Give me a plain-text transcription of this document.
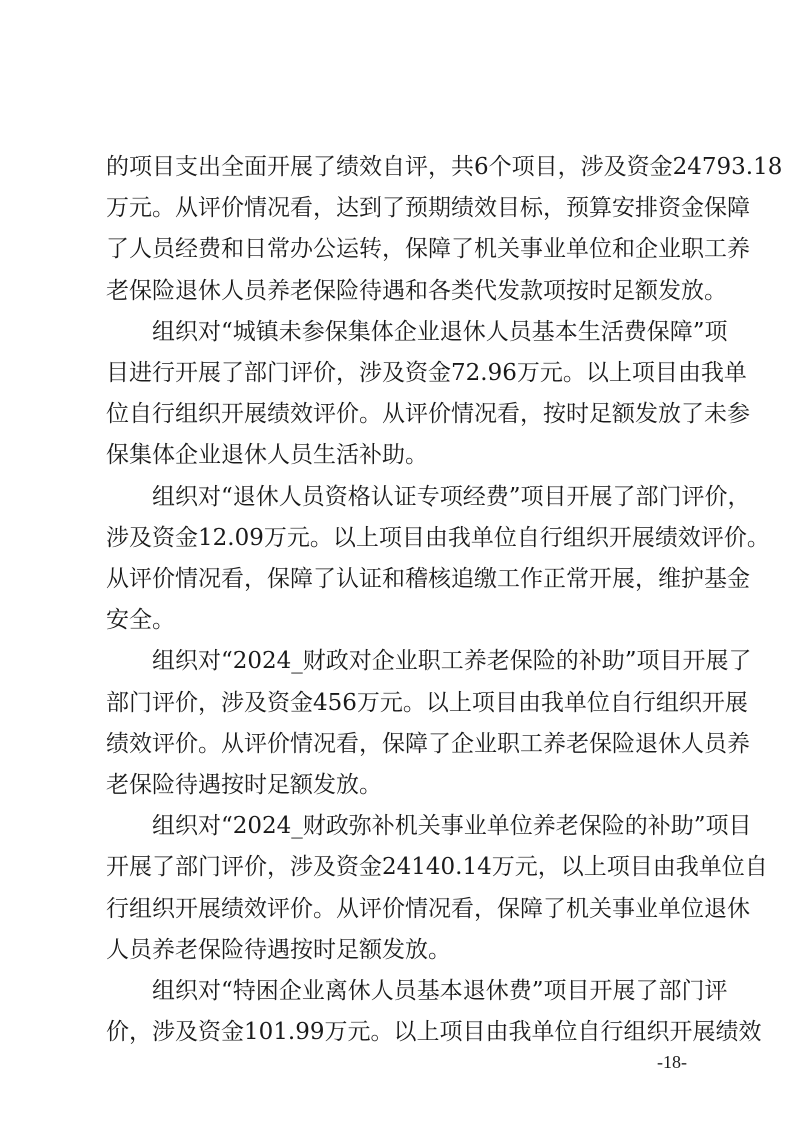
的项目支出全面开展了绩效自评，共6个项目，涉及资金24793.18
万元。从评价情况看，达到了预期绩效目标，预算安排资金保障
了人员经费和日常办公运转，保障了机关事业单位和企业职工养
老保险退休人员养老保险待遇和各类代发款项按时足额发放。
组织对“城镇未参保集体企业退休人员基本生活费保障”项
目进行开展了部门评价，涉及资金72.96万元。以上项目由我单
位自行组织开展绩效评价。从评价情况看，按时足额发放了未参
保集体企业退休人员生活补助。
组织对“退休人员资格认证专项经费”项目开展了部门评价，
涉及资金12.09万元。以上项目由我单位自行组织开展绩效评价。
从评价情况看，保障了认证和稽核追缴工作正常开展，维护基金
安全。
组织对“2024_财政对企业职工养老保险的补助”项目开展了
部门评价，涉及资金456万元。以上项目由我单位自行组织开展
绩效评价。从评价情况看，保障了企业职工养老保险退休人员养
老保险待遇按时足额发放。
组织对“2024_财政弥补机关事业单位养老保险的补助”项目
开展了部门评价，涉及资金24140.14万元，以上项目由我单位自
行组织开展绩效评价。从评价情况看，保障了机关事业单位退休
人员养老保险待遇按时足额发放。
组织对“特困企业离休人员基本退休费”项目开展了部门评
价，涉及资金101.99万元。以上项目由我单位自行组织开展绩效
-18-
